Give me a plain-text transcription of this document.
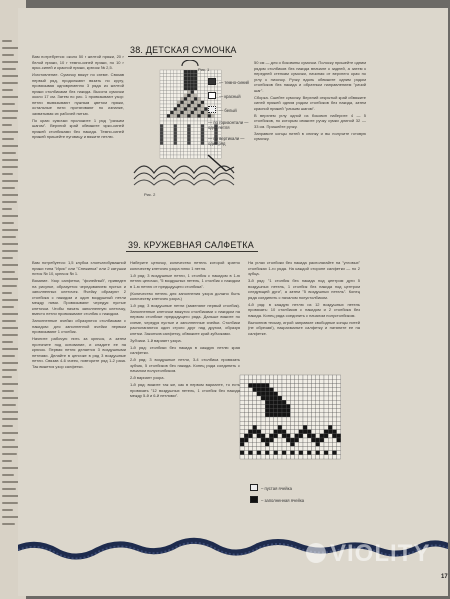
38. ДЕТСКАЯ СУМОЧКА

Вам потребуется: около 50 г желтой пряжи, 20 г белой пряжи, 10 г темно-синей пряжи, по 10 г ярко-синей и красной пряжи, крючок № 2,5.

Изготовление. Сумочку вяжут по схеме. Связав первый ряд, продолжают вязать по кругу, провязывая одновременно 3 ряда из желтой пряжи столбиками без накида. Высота сумочки около 17 см. Затем по рис. 1 провязывают узор: петли вывязывают нужным цветом пряжи, остальные нити протягивают по изнанке, захватывая их рабочей нитью.

По краю сумочки проложите 1 ряд "рачьим шагом". Верхний край обвяжите ярко-синей пряжей столбиками без накида. Темно-синей пряжей пришейте пуговицу и вяжите петлю.

Рис. 1
— темно-синий
— красный
— белый
— по горизонтали — одна петля
— по вертикали — один ряд
Рис. 2

50 см — для о боковины сумочки. Полоску пришейте одним рядом столбиков без накида вначале к задней, а затем к передней стенкам сумочки, начиная от верхнего края по углу к низочку. Ручку вдоль обвяжите одним рядом столбиков без накида и обратным направлением "рачий шаг".

Сборка. Сшейте сумочку. Верхний открытый край обвяжите синей пряжей одним рядом столбиков без накида, затем красной пряжей "рачьим шагом".

В верхнем углу одной из боковин наберите 4 — 5 столбиков, по которым свяжите ручку сумки длиной 32 — 33 см. Пришейте ручку.

Заправьте концы нитей в спинку и вы получите готовую сумочку.

39. КРУЖЕВНАЯ САЛФЕТКА

Вам потребуется: 1,5 клубка хлопчатобумажной пряжи типа "Ирис" или "Снежинка" или 2 катушки ниток № 10, крючок № 1.

Вязание. Узор салфетки, "филейный", приведен на рисунке, образуется чередованием пустых и заполненных клеточек. Ячейку образуют 2 столбика с накидом и один воздушный петли между ними. Провязывают чередуя пустые клеточки. Чтобы начать заполненную клеточку, вместо петли провязывают столбик с накидом.

Заполненные ячейки образуются столбиками с накидом: для заполненной ячейки первым провязывают 1 столбик.

Начните рабочую нить за крючок, а затем протяните под основание, и кладите ее на крючок. Первая петля делается 3 воздушными петлями. Делайте в цепочке в ряд 3 воздушные петли. Связав 4-6 ячеек, повторите ряд 1-2 раза. Так вяжется узор салфетки.

Наберите цепочку, количество петель которой кратно количеству клеточек узора плюс 1 петля.

1-й ряд: 3 воздушные петли, 1 столбик с накидом в 1-ю петлю цепочки, "5 воздушных петель, 1 столбик с накидом в 1-ю петлю от предыдущего столбика".

(Количество петель для заполнения узора должно быть количеству клеточек узора.)

1-й ряд: 3 воздушные петли (заменяют первый столбик). Заполненные клеточки вяжутся столбиками с накидом на первом столбике предыдущего ряда. Дальше вяжите по схеме, чередуя пустые и заполненные ячейки. Столбики располагаются один строго друг над другом, образуя клетки. Закончив салфетку, обвяжите край зубчиками.

Зубчики. 1-й вариант узора.

1-й ряд: столбики без накида в каждую петлю края салфетки.

2-й ряд: 3 воздушные петли, 3-4 столбика провязать зубчик, 5 столбиков без накида. Конец ряда соединить с началом полустолбиком.

2-й вариант узора.

1-й ряд: вяжите так же, как в первом варианте, то есть провязать "12 воздушных петель, 1 столбик без накида между 5-й и 6-й петлями".

На углах столбики без накида располагайте на "угловых" столбиках 1-го ряда. На каждой стороне салфетки — по 2 зубца.

3-й ряд: "1 столбик без накида под центром дуги 5 воздушных петель, 1 столбик без накида под центром следующей дуги", а затем "5 воздушных петель". Конец ряда соединить с началом полустолбиком.

4-й ряд: в каждую петлю из 12 воздушных петель провязать: 10 столбиков с накидом и 2 столбика без накида. Конец ряда соединить с началом полустолбиком.

Выполнив тесьму, игрой заправьте свободные концы нитей (не обрезая!), накрахмальте салфетку и натяните ее на салфетке.

– пустая ячейка
– заполненная ячейка
17
VIOLITY
